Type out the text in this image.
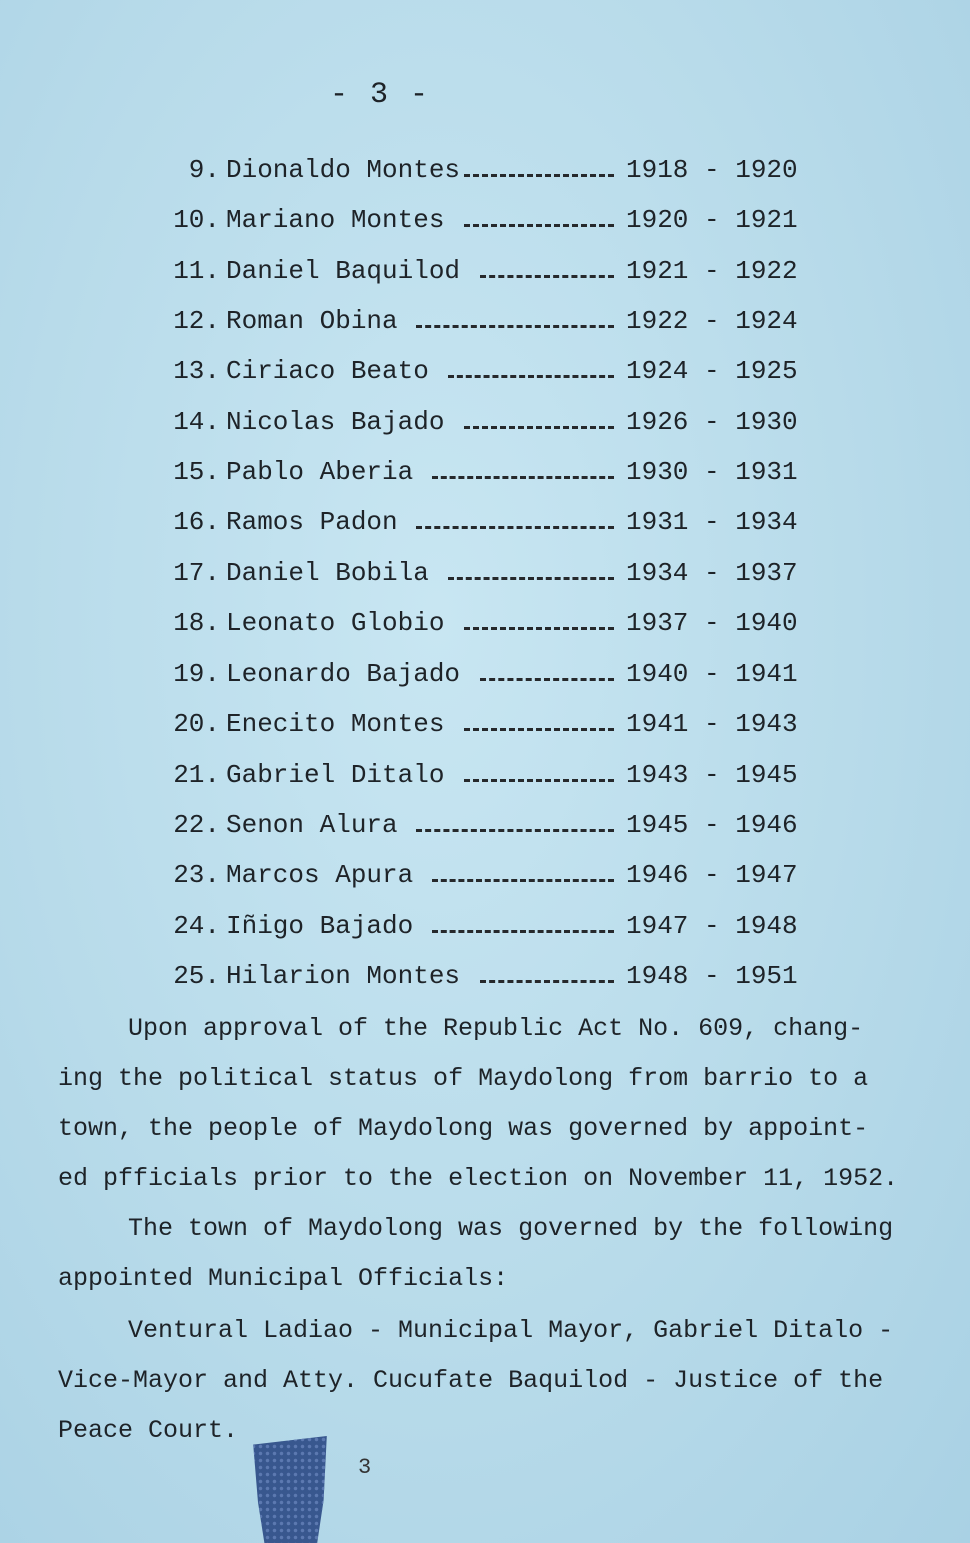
- 3 -
9. Dionaldo Montes	1918 - 1920
10. Mariano Montes	1920 - 1921
11. Daniel Baquilod	1921 - 1922
12. Roman Obina	1922 - 1924
13. Ciriaco Beato	1924 - 1925
14. Nicolas Bajado	1926 - 1930
15. Pablo Aberia	1930 - 1931
16. Ramos Padon	1931 - 1934
17. Daniel Bobila	1934 - 1937
18. Leonato Globio	1937 - 1940
19. Leonardo Bajado	1940 - 1941
20. Enecito Montes	1941 - 1943
21. Gabriel Ditalo	1943 - 1945
22. Senon Alura	1945 - 1946
23. Marcos Apura	1946 - 1947
24. Iñigo Bajado	1947 - 1948
25. Hilarion Montes	1948 - 1951
Upon approval of the Republic Act No. 609, chang-
ing the political status of Maydolong from barrio to a
town, the people of Maydolong was governed by appoint-
ed pfficials prior to the election on November 11, 1952.
The town of Maydolong was governed by the following
appointed Municipal Officials:
Ventural Ladiao - Municipal Mayor, Gabriel Ditalo -
Vice-Mayor and Atty. Cucufate Baquilod - Justice of the
Peace Court.
3
